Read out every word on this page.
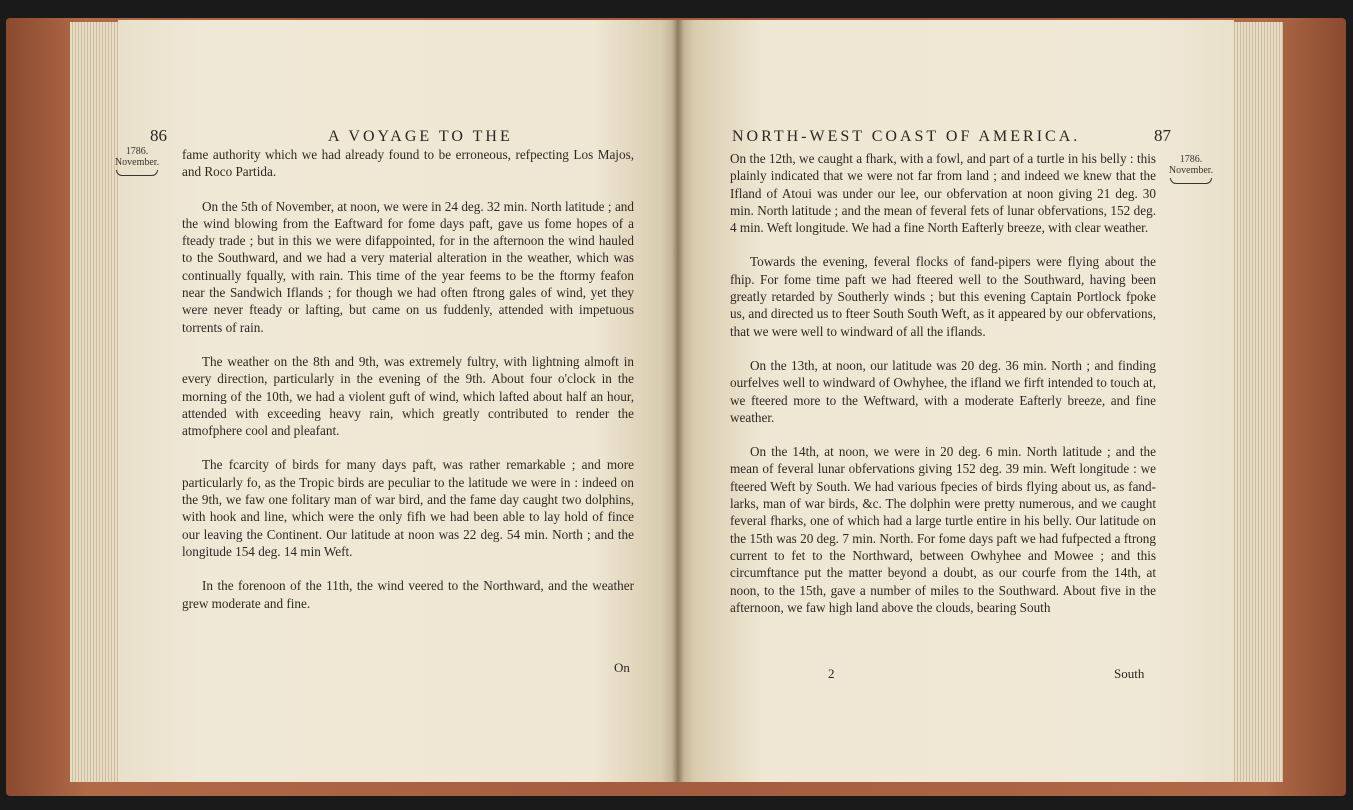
86	A VOYAGE TO THE
1786.
November.

fame authority which we had already found to be erroneous, refpecting Los Majos, and Roco Partida.

On the 5th of November, at noon, we were in 24 deg. 32 min. North latitude ; and the wind blowing from the Eaftward for fome days paft, gave us fome hopes of a fteady trade ; but in this we were difappointed, for in the afternoon the wind hauled to the Southward, and we had a very material alteration in the weather, which was continually fqually, with rain. This time of the year feems to be the ftormy feafon near the Sandwich Iflands ; for though we had often ftrong gales of wind, yet they were never fteady or lafting, but came on us fuddenly, attended with impetuous torrents of rain.

The weather on the 8th and 9th, was extremely fultry, with lightning almoft in every direction, particularly in the evening of the 9th. About four o'clock in the morning of the 10th, we had a violent guft of wind, which lafted about half an hour, attended with exceeding heavy rain, which greatly contributed to render the atmofphere cool and pleafant.

The fcarcity of birds for many days paft, was rather remarkable ; and more particularly fo, as the Tropic birds are peculiar to the latitude we were in : indeed on the 9th, we faw one folitary man of war bird, and the fame day caught two dolphins, with hook and line, which were the only fifh we had been able to lay hold of fince our leaving the Continent. Our latitude at noon was 22 deg. 54 min. North ; and the longitude 154 deg. 14 min Weft.

In the forenoon of the 11th, the wind veered to the Northward, and the weather grew moderate and fine.

On
NORTH-WEST COAST OF AMERICA.	87
1786.
November.

On the 12th, we caught a fhark, with a fowl, and part of a turtle in his belly : this plainly indicated that we were not far from land ; and indeed we knew that the Ifland of Atoui was under our lee, our obfervation at noon giving 21 deg. 30 min. North latitude ; and the mean of feveral fets of lunar obfervations, 152 deg. 4 min. Weft longitude. We had a fine North Eafterly breeze, with clear weather.

Towards the evening, feveral flocks of fand-pipers were flying about the fhip. For fome time paft we had fteered well to the Southward, having been greatly retarded by Southerly winds ; but this evening Captain Portlock fpoke us, and directed us to fteer South South Weft, as it appeared by our obfervations, that we were well to windward of all the iflands.

On the 13th, at noon, our latitude was 20 deg. 36 min. North ; and finding ourfelves well to windward of Owhyhee, the ifland we firft intended to touch at, we fteered more to the Weftward, with a moderate Eafterly breeze, and fine weather.

On the 14th, at noon, we were in 20 deg. 6 min. North latitude ; and the mean of feveral lunar obfervations giving 152 deg. 39 min. Weft longitude : we fteered Weft by South. We had various fpecies of birds flying about us, as fand-larks, man of war birds, &c. The dolphin were pretty numerous, and we caught feveral fharks, one of which had a large turtle entire in his belly. Our latitude on the 15th was 20 deg. 7 min. North. For fome days paft we had fufpected a ftrong current to fet to the Northward, between Owhyhee and Mowee ; and this circumftance put the matter beyond a doubt, as our courfe from the 14th, at noon, to the 15th, gave a number of miles to the Southward. About five in the afternoon, we faw high land above the clouds, bearing South

2	South
